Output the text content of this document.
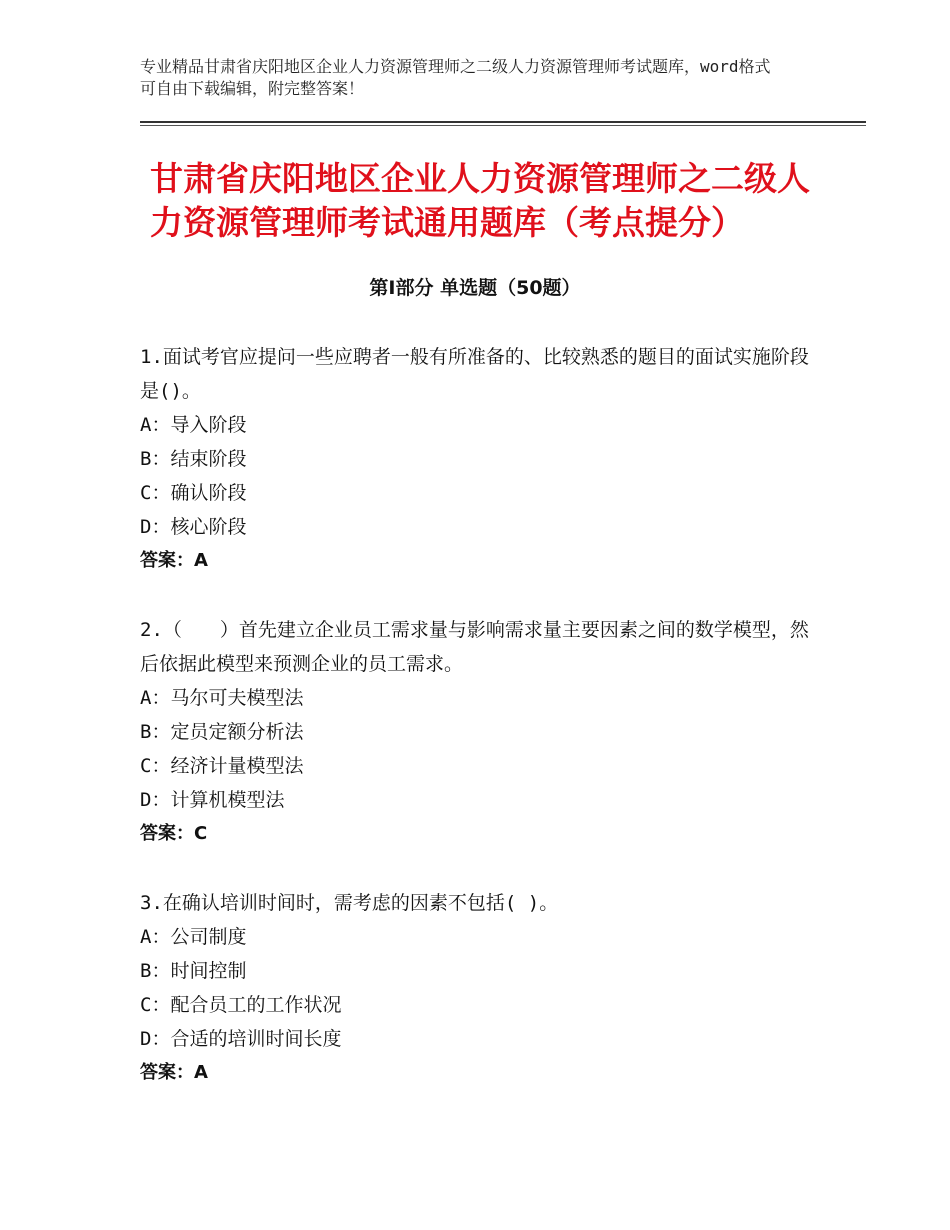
专业精品甘肃省庆阳地区企业人力资源管理师之二级人力资源管理师考试题库，word格式可自由下载编辑，附完整答案！
甘肃省庆阳地区企业人力资源管理师之二级人力资源管理师考试通用题库（考点提分）
第Ⅰ部分 单选题（50题）
1.面试考官应提问一些应聘者一般有所准备的、比较熟悉的题目的面试实施阶段是()。
A：导入阶段
B：结束阶段
C：确认阶段
D：核心阶段
答案：A
2.（　　）首先建立企业员工需求量与影响需求量主要因素之间的数学模型，然后依据此模型来预测企业的员工需求。
A：马尔可夫模型法
B：定员定额分析法
C：经济计量模型法
D：计算机模型法
答案：C
3.在确认培训时间时，需考虑的因素不包括( )。
A：公司制度
B：时间控制
C：配合员工的工作状况
D：合适的培训时间长度
答案：A
